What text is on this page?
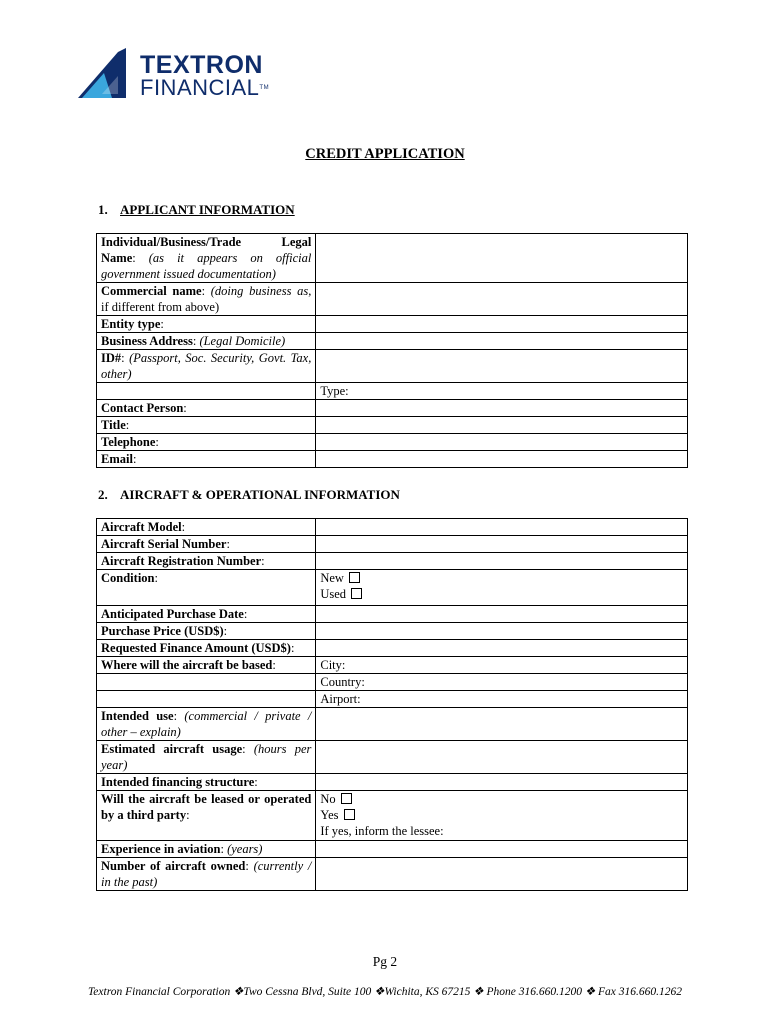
TEXTRON
FINANCIAL™
CREDIT APPLICATION
1. APPLICANT INFORMATION
Individual/Business/Trade Legal Name: (as it appears on official government issued documentation)	
Commercial name: (doing business as, if different from above)	
Entity type:	
Business Address: (Legal Domicile)	
ID#: (Passport, Soc. Security, Govt. Tax, other)	
	Type:
Contact Person:	
Title:	
Telephone:	
Email:	
2. AIRCRAFT & OPERATIONAL INFORMATION
Aircraft Model:	
Aircraft Serial Number:	
Aircraft Registration Number:	
Condition:	New
Used

Anticipated Purchase Date:	
Purchase Price (USD$):	
Requested Finance Amount (USD$):	
Where will the aircraft be based:	City:
	Country:
	Airport:
Intended use: (commercial / private / other – explain)	
Estimated aircraft usage: (hours per year)	
Intended financing structure:	
Will the aircraft be leased or operated by a third party:	No
Yes
If yes, inform the lessee:

Experience in aviation: (years)	
Number of aircraft owned: (currently / in the past)	
Pg 2
Textron Financial Corporation ❖Two Cessna Blvd, Suite 100 ❖Wichita, KS 67215 ❖ Phone 316.660.1200 ❖ Fax 316.660.1262
